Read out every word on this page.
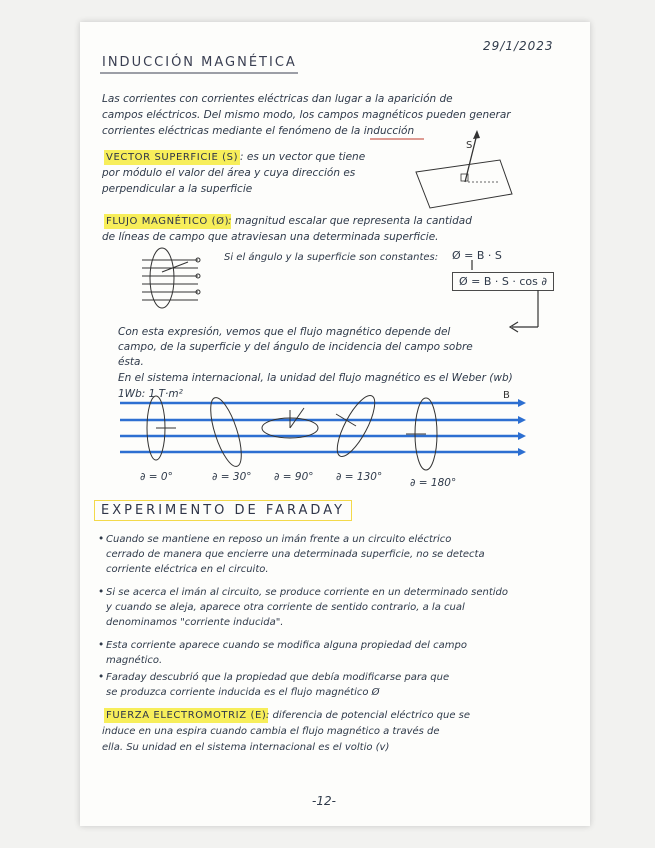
29/1/2023
INDUCCIÓN MAGNÉTICA
Las corrientes con corrientes eléctricas dan lugar a la aparición de
campos eléctricos. Del mismo modo, los campos magnéticos pueden generar
corrientes eléctricas mediante el fenómeno de la inducción
VECTOR SUPERFICIE (S) : es un vector que tiene
por módulo el valor del área y cuya dirección es
perpendicular a la superficie
FLUJO MAGNÉTICO (Ø)
: magnitud escalar que representa la cantidad
de líneas de campo que atraviesan una determinada superficie.
Si el ángulo y la superficie son constantes: Ø = B · S
Ø = B · S · cos ∂
Con esta expresión, vemos que el flujo magnético depende del
campo, de la superficie y del ángulo de incidencia del campo sobre
ésta.
En el sistema internacional, la unidad del flujo magnético es el Weber (wb)
1Wb: 1 T·m²
∂ = 0°	∂ = 30° ∂ = 90° ∂ = 130°	∂ = 180°
EXPERIMENTO DE FARADAY
• Cuando se mantiene en reposo un imán frente a un circuito eléctrico
cerrado de manera que encierre una determinada superficie, no se detecta
corriente eléctrica en el circuito.
• Si se acerca el imán al circuito, se produce corriente en un determinado sentido
y cuando se aleja, aparece otra corriente de sentido contrario, a la cual
denominamos "corriente inducida".
• Esta corriente aparece cuando se modifica alguna propiedad del campo
magnético.
• Faraday descubrió que la propiedad que debía modificarse para que
se produzca corriente inducida es el flujo magnético Ø
FUERZA ELECTROMOTRIZ (E) : diferencia de potencial eléctrico que se
induce en una espira cuando cambia el flujo magnético a través de
ella. Su unidad en el sistema internacional es el voltio (v)
-12-
S
B
